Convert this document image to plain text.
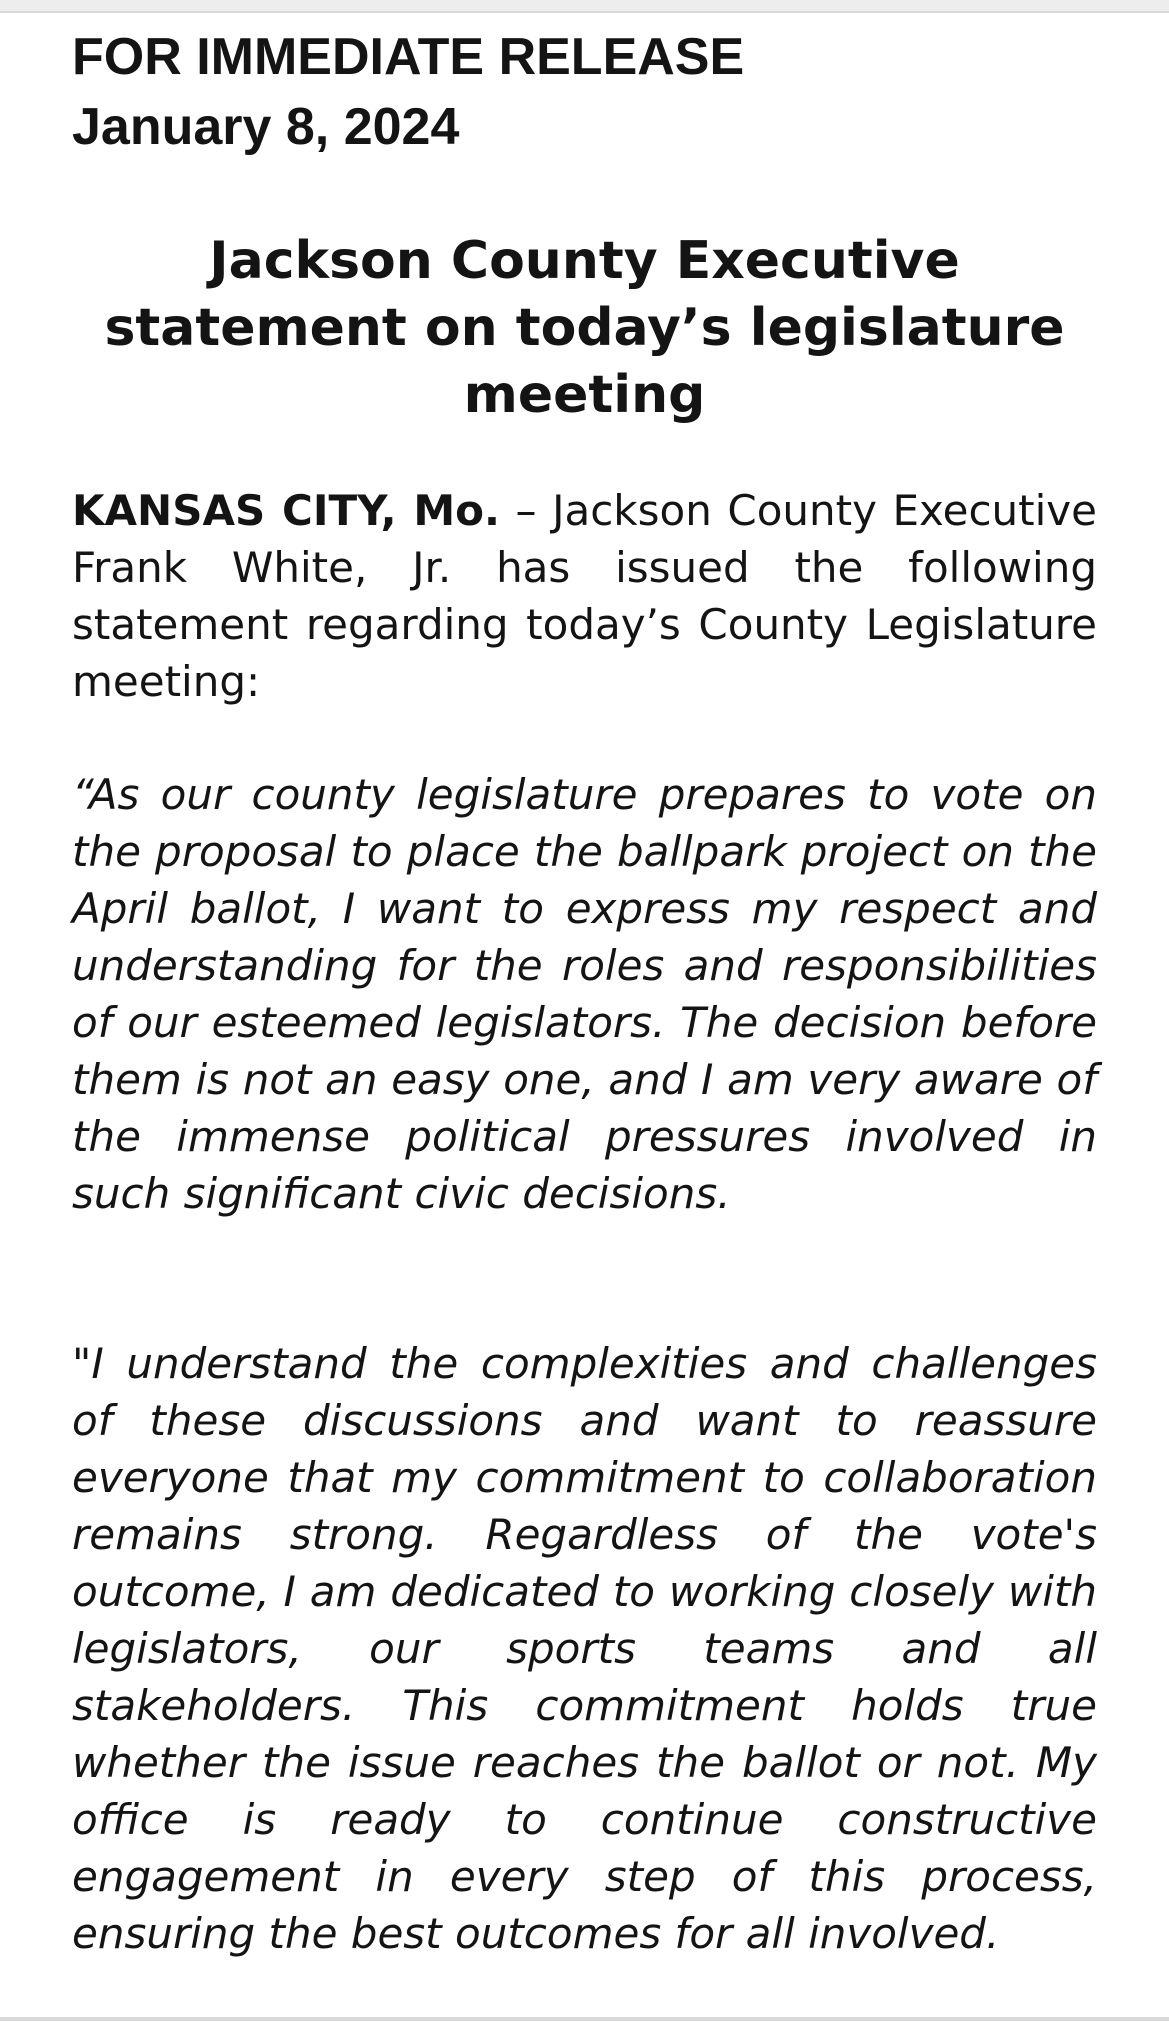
FOR IMMEDIATE RELEASE

January 8, 2024

Jackson County Executive statement on today’s legislature meeting

KANSAS CITY, Mo. – Jackson County Executive Frank White, Jr. has issued the following statement regarding today’s County Legislature meeting:

“As our county legislature prepares to vote on the proposal to place the ballpark project on the April ballot, I want to express my respect and understanding for the roles and responsibilities of our esteemed legislators. The decision before them is not an easy one, and I am very aware of the immense political pressures involved in such significant civic decisions.

"I understand the complexities and challenges of these discussions and want to reassure everyone that my commitment to collaboration remains strong. Regardless of the vote's outcome, I am dedicated to working closely with legislators, our sports teams and all stakeholders. This commitment holds true whether the issue reaches the ballot or not. My office is ready to continue constructive engagement in every step of this process, ensuring the best outcomes for all involved.
